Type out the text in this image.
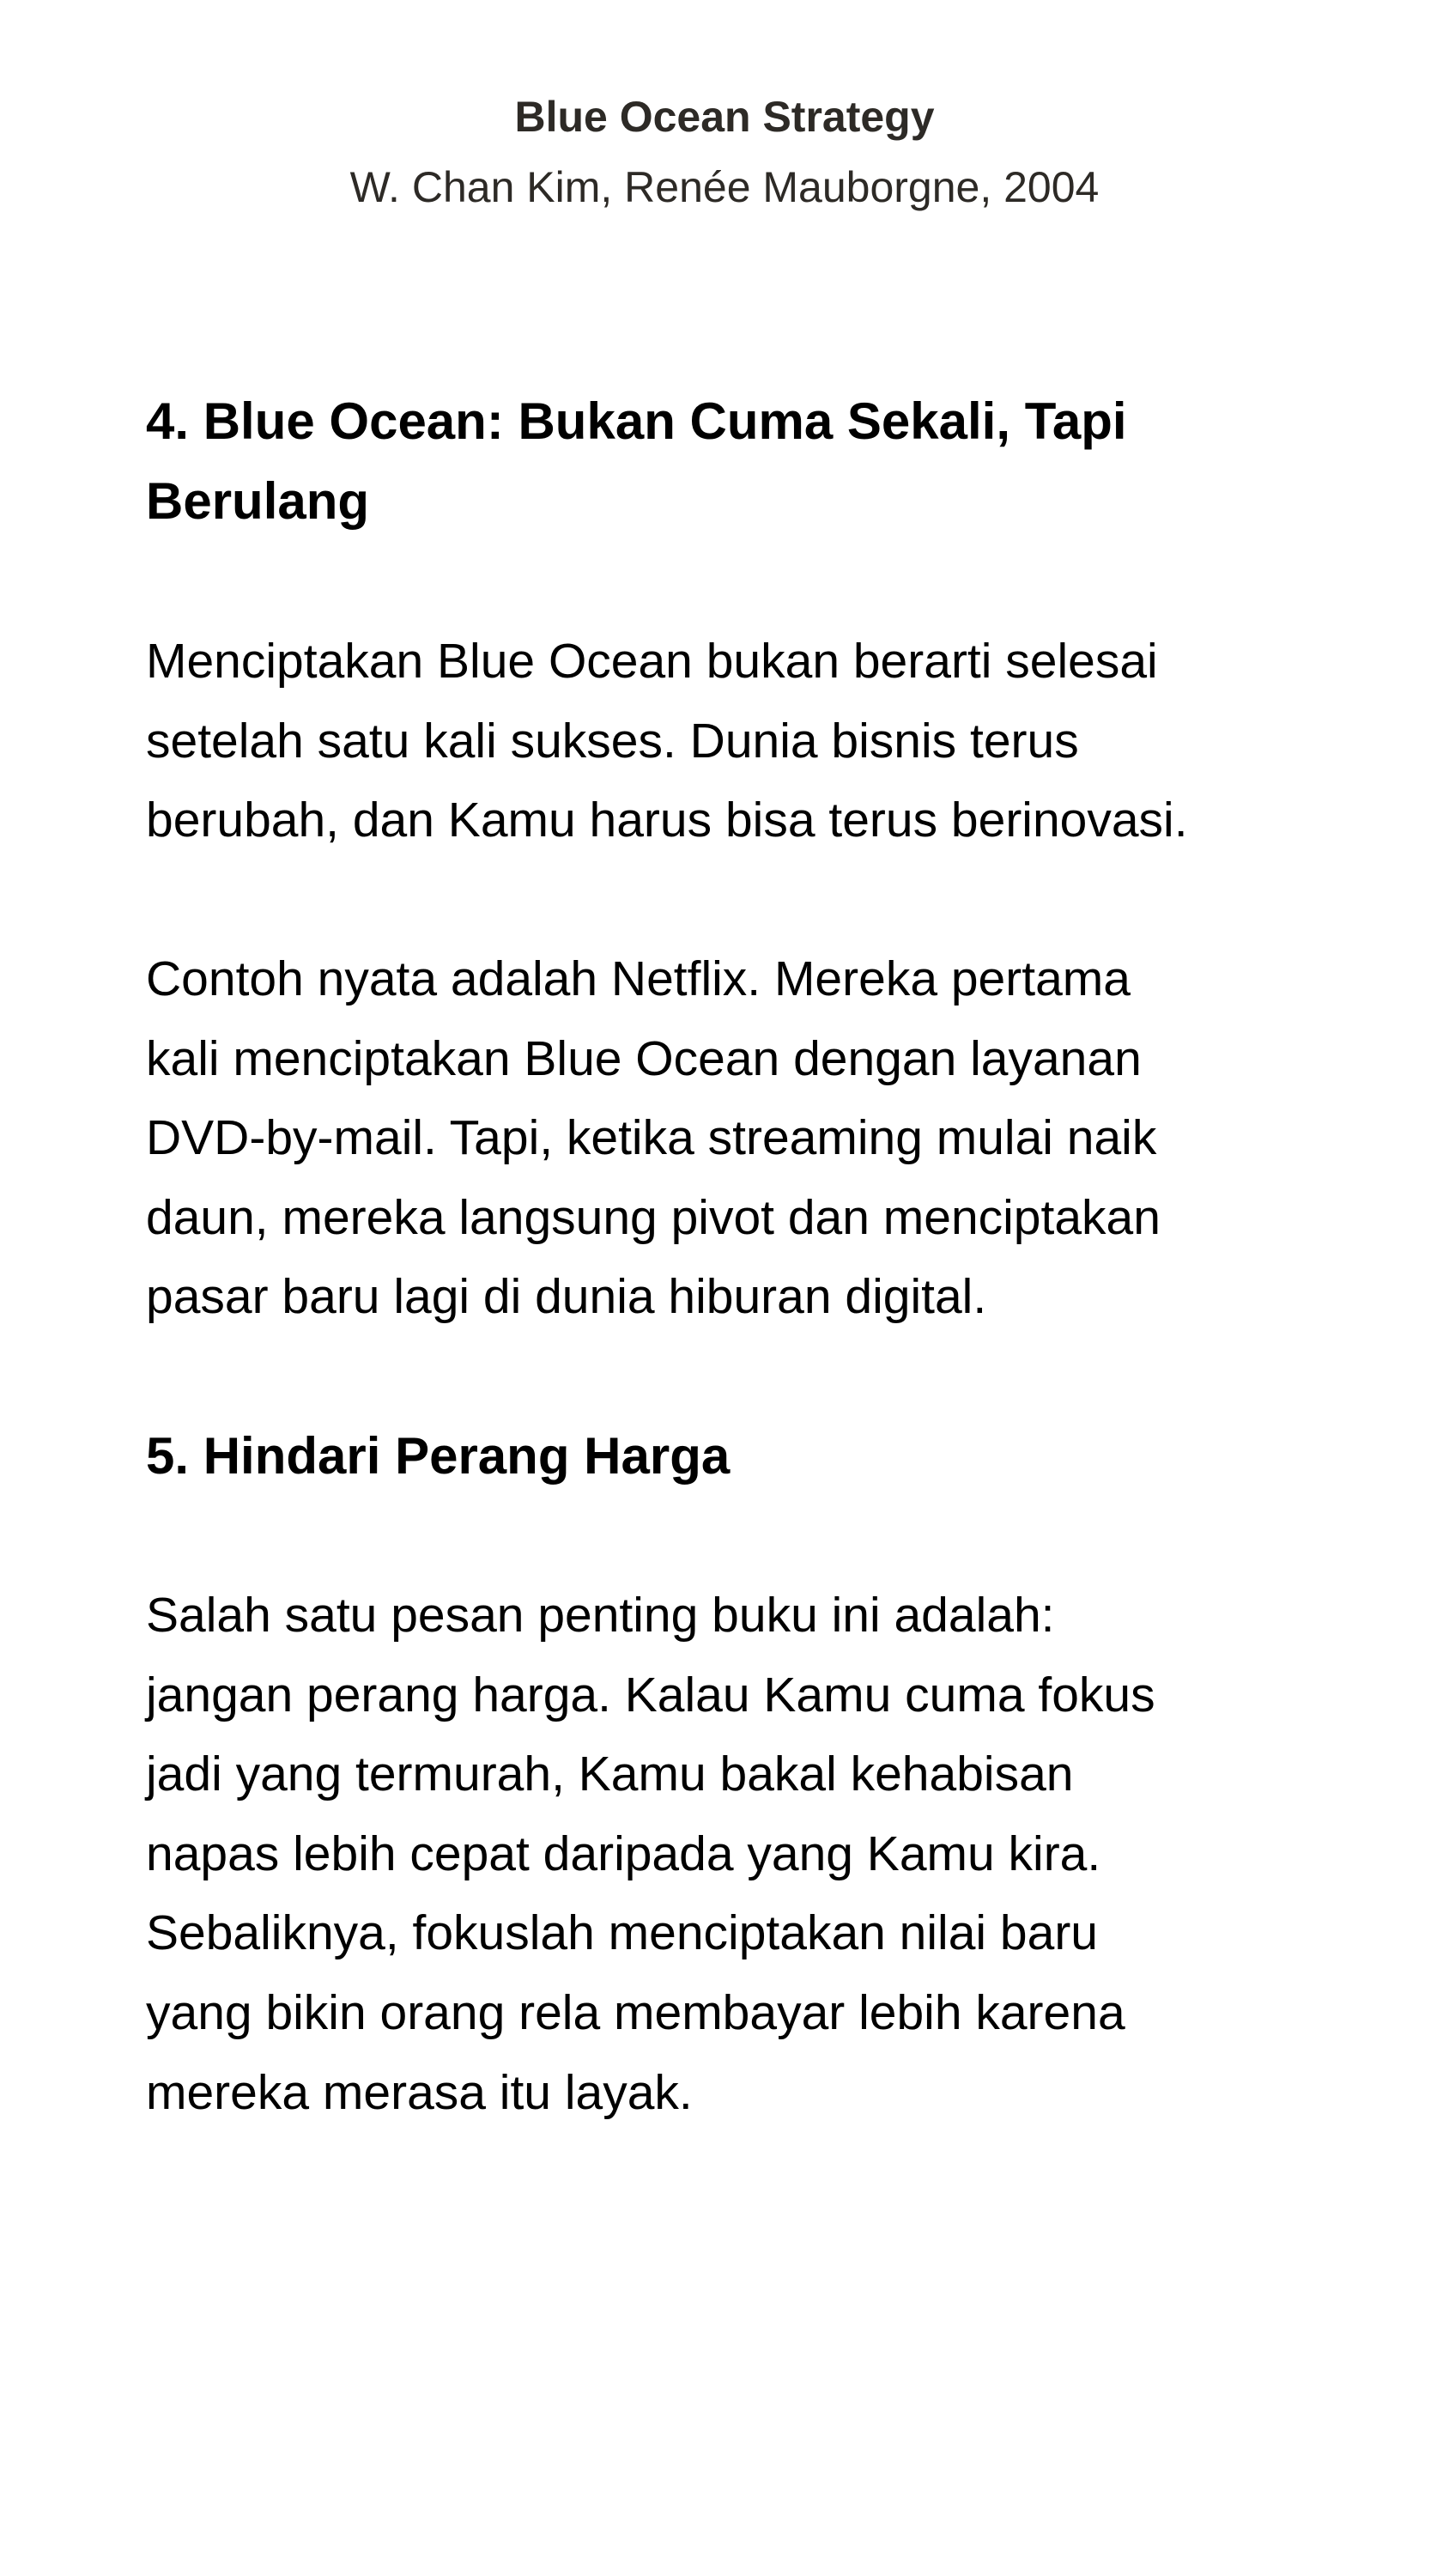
Blue Ocean Strategy
W. Chan Kim, Renée Mauborgne, 2004
4. Blue Ocean: Bukan Cuma Sekali, Tapi
Berulang
Menciptakan Blue Ocean bukan berarti selesai
setelah satu kali sukses. Dunia bisnis terus
berubah, dan Kamu harus bisa terus berinovasi.
Contoh nyata adalah Netflix. Mereka pertama
kali menciptakan Blue Ocean dengan layanan
DVD-by-mail. Tapi, ketika streaming mulai naik
daun, mereka langsung pivot dan menciptakan
pasar baru lagi di dunia hiburan digital.
5. Hindari Perang Harga
Salah satu pesan penting buku ini adalah:
jangan perang harga. Kalau Kamu cuma fokus
jadi yang termurah, Kamu bakal kehabisan
napas lebih cepat daripada yang Kamu kira.
Sebaliknya, fokuslah menciptakan nilai baru
yang bikin orang rela membayar lebih karena
mereka merasa itu layak.
